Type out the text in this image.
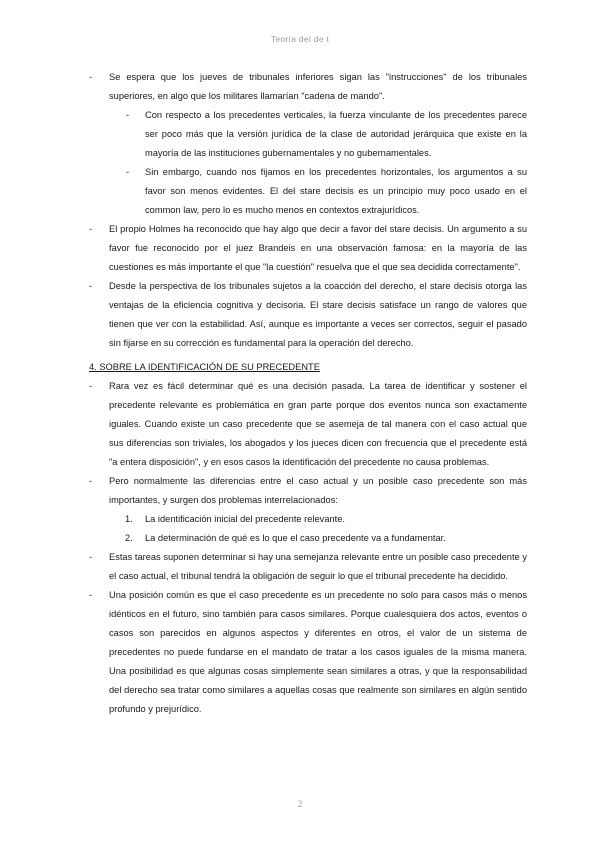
Teoría del de t
-	Se espera que los jueves de tribunales inferiores sigan las "instrucciones" de los tribunales superiores, en algo que los militares llamarían "cadena de mando".
- Con respecto a los precedentes verticales, la fuerza vinculante de los precedentes parece ser poco más que la versión jurídica de la clase de autoridad jerárquica que existe en la mayoría de las instituciones gubernamentales y no gubernamentales.
- Sin embargo, cuando nos fijamos en los precedentes horizontales, los argumentos a su favor son menos evidentes. El del stare decisis es un principio muy poco usado en el common law, pero lo es mucho menos en contextos extrajurídicos.
-	El propio Holmes ha reconocido que hay algo que decir a favor del stare decisis. Un argumento a su favor fue reconocido por el juez Brandeis en una observación famosa: en la mayoría de las cuestiones es más importante el que "la cuestión" resuelva que el que sea decidida correctamente".
-	Desde la perspectiva de los tribunales sujetos a la coacción del derecho, el stare decisis otorga las ventajas de la eficiencia cognitiva y decisoria. El stare decisis satisface un rango de valores que tienen que ver con la estabilidad. Así, aunque es importante a veces ser correctos, seguir el pasado sin fijarse en su corrección es fundamental para la operación del derecho.
4. SOBRE LA IDENTIFICACIÓN DE SU PRECEDENTE
-	Rara vez es fácil determinar qué es una decisión pasada. La tarea de identificar y sostener el precedente relevante es problemática en gran parte porque dos eventos nunca son exactamente iguales. Cuando existe un caso precedente que se asemeja de tal manera con el caso actual que sus diferencias son triviales, los abogados y los jueces dicen con frecuencia que el precedente está "a entera disposición", y en esos casos la identificación del precedente no causa problemas.
-	Pero normalmente las diferencias entre el caso actual y un posible caso precedente son más importantes, y surgen dos problemas interrelacionados:
1. La identificación inicial del precedente relevante.
2. La determinación de qué es lo que el caso precedente va a fundamentar.
-	Estas tareas suponen determinar si hay una semejanza relevante entre un posible caso precedente y el caso actual, el tribunal tendrá la obligación de seguir lo que el tribunal precedente ha decidido.
-	Una posición común es que el caso precedente es un precedente no solo para casos más o menos idénticos en el futuro, sino también para casos similares. Porque cualesquiera dos actos, eventos o casos son parecidos en algunos aspectos y diferentes en otros, el valor de un sistema de precedentes no puede fundarse en el mandato de tratar a los casos iguales de la misma manera. Una posibilidad es que algunas cosas simplemente sean similares a otras, y que la responsabilidad del derecho sea tratar como similares a aquellas cosas que realmente son similares en algún sentido profundo y prejurídico.
2
